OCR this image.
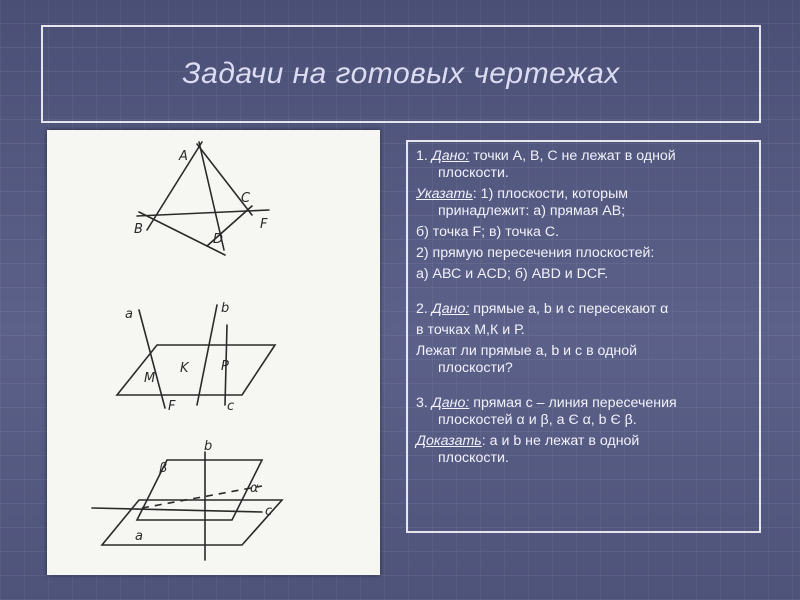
Задачи на готовых чертежах
A
B
C
D
F
a	b
M
K P
F	c
b
β
α
a
c

1. Дано: точки А, В, С не лежат в одной
плоскости.

Указать: 1) плоскости, которым
принадлежит: а) прямая АВ;

б) точка F; в) точка С.

2) прямую пересечения плоскостей:

а) АВС и ACD; б) ABD и DCF.

2. Дано: прямые а, b и с пересекают α

в точках М,К и Р.

Лежат ли прямые а, b и с в одной
плоскости?

3. Дано: прямая с – линия пересечения
плоскостей α и β, а Є α, b Є β.

Доказать: а и b не лежат в одной
плоскости.
